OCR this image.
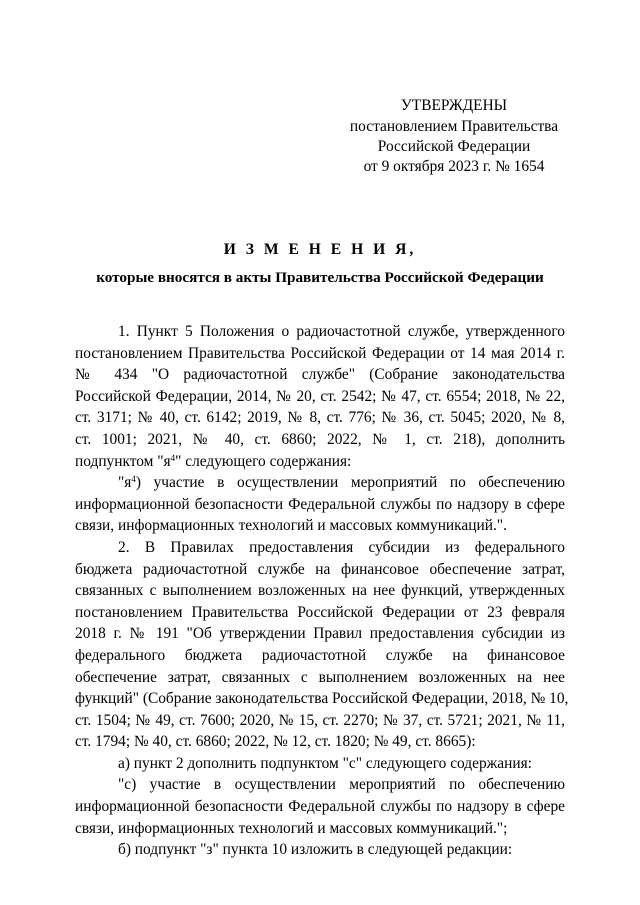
УТВЕРЖДЕНЫ
постановлением Правительства
Российской Федерации
от 9 октября 2023 г. № 1654
И З М Е Н Е Н И Я,
которые вносятся в акты Правительства Российской Федерации
1. Пункт 5 Положения о радиочастотной службе, утвержденного
постановлением Правительства Российской Федерации от 14 мая 2014 г.
№ 434 "О радиочастотной службе" (Собрание законодательства
Российской Федерации, 2014, № 20, ст. 2542; № 47, ст. 6554; 2018, № 22,
ст. 3171; № 40, ст. 6142; 2019, № 8, ст. 776; № 36, ст. 5045; 2020, № 8,
ст. 1001; 2021, № 40, ст. 6860; 2022, № 1, ст. 218), дополнить
подпунктом "$я^4$" следующего содержания:
"$я^4$) участие в осуществлении мероприятий по обеспечению
информационной безопасности Федеральной службы по надзору в сфере
связи, информационных технологий и массовых коммуникаций.".
2. В Правилах предоставления субсидии из федерального
бюджета радиочастотной службе на финансовое обеспечение затрат,
связанных с выполнением возложенных на нее функций, утвержденных
постановлением Правительства Российской Федерации от 23 февраля
2018 г. № 191 "Об утверждении Правил предоставления субсидии из
федерального бюджета радиочастотной службе на финансовое
обеспечение затрат, связанных с выполнением возложенных на нее
функций" (Собрание законодательства Российской Федерации, 2018, № 10,
ст. 1504; № 49, ст. 7600; 2020, № 15, ст. 2270; № 37, ст. 5721; 2021, № 11,
ст. 1794; № 40, ст. 6860; 2022, № 12, ст. 1820; № 49, ст. 8665):
а) пункт 2 дополнить подпунктом "с" следующего содержания:
"с) участие в осуществлении мероприятий по обеспечению
информационной безопасности Федеральной службы по надзору в сфере
связи, информационных технологий и массовых коммуникаций.";
б) подпункт "з" пункта 10 изложить в следующей редакции:
